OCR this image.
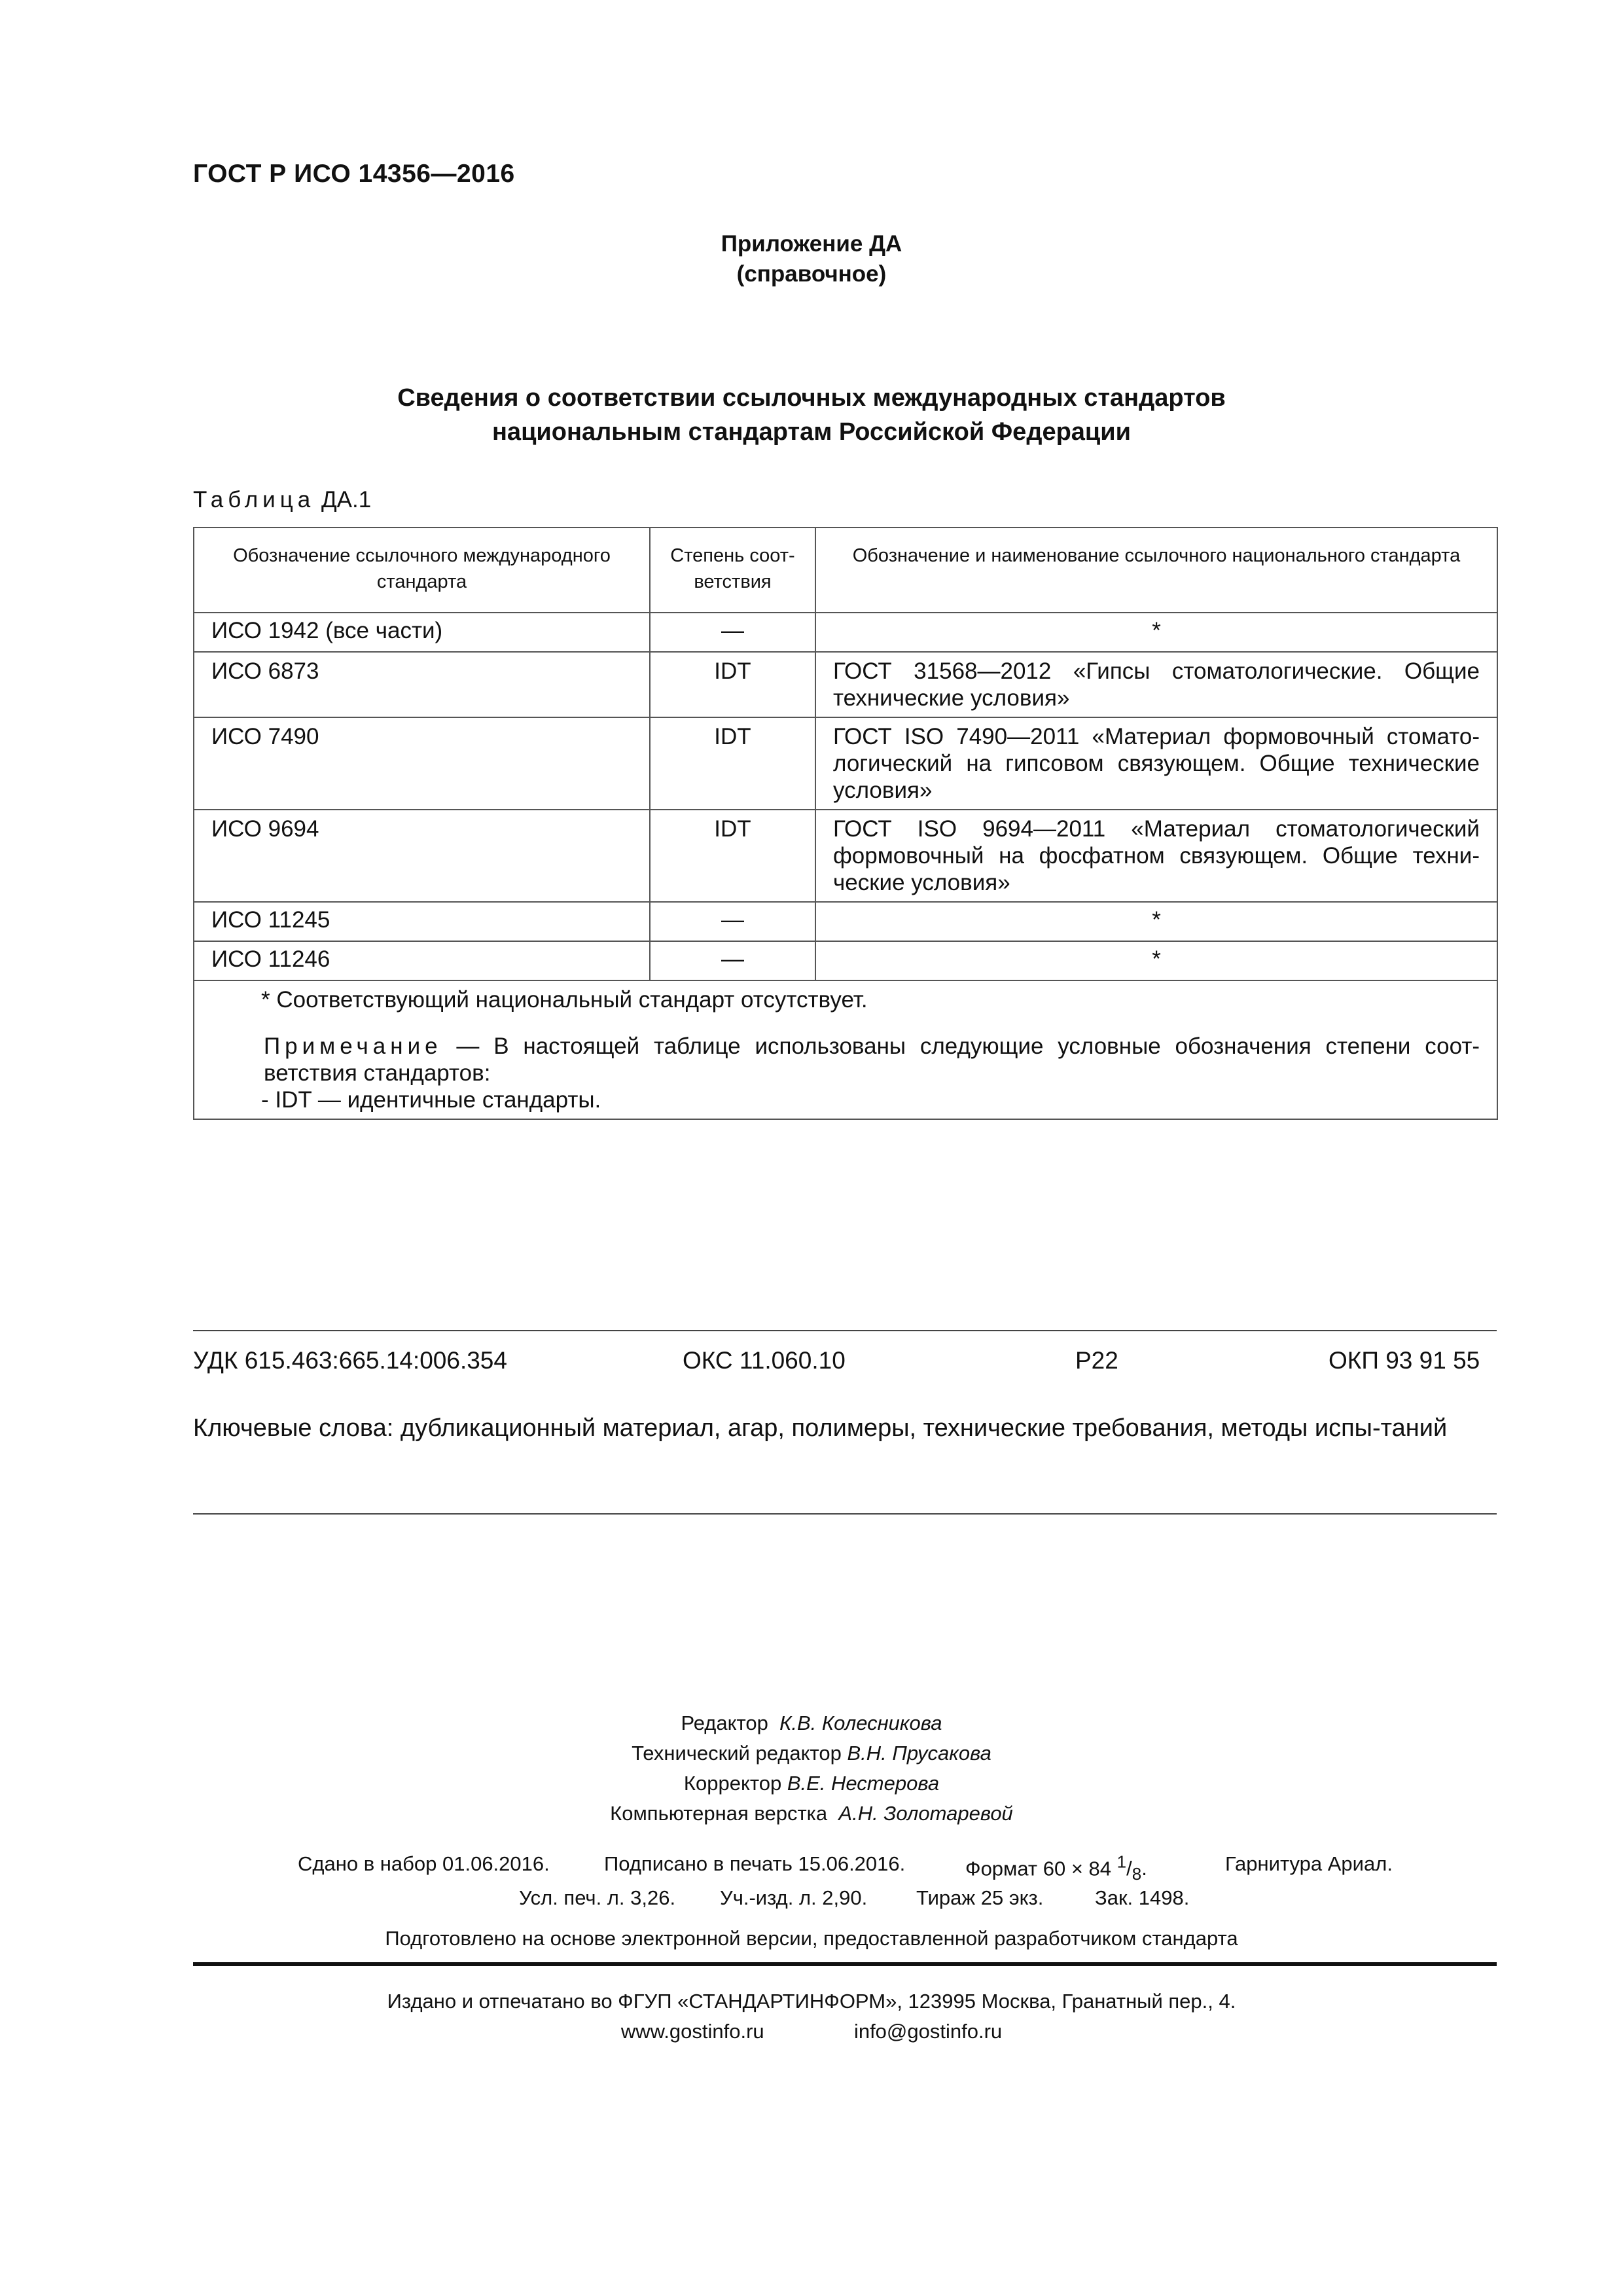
ГОСТ Р ИСО 14356—2016
Приложение ДА
(справочное)
Сведения о соответствии ссылочных международных стандартов
национальным стандартам Российской Федерации
Таблица ДА.1
Обозначение ссылочного международного стандарта	Степень соот-ветствия	Обозначение и наименование ссылочного национального стандарта
ИСО 1942 (все части)	—	*
ИСО 6873	IDT	ГОСТ 31568—2012 «Гипсы стоматологические. Общие технические условия»
ИСО 7490	IDT	ГОСТ ISO 7490—2011 «Материал формовочный стомато-логический на гипсовом связующем. Общие технические условия»
ИСО 9694	IDT	ГОСТ ISO 9694—2011 «Материал стоматологический формовочный на фосфатном связующем. Общие техни-ческие условия»
ИСО 11245	—	*
ИСО 11246	—	*

* Соответствующий национальный стандарт отсутствует.
Примечание — В настоящей таблице использованы следующие условные обозначения степени соот-ветствия стандартов:
- IDT — идентичные стандарты.		
УДК 615.463:665.14:006.354	ОКС 11.060.10	Р22	ОКП 93 91 55
Ключевые слова: дубликационный материал, агар, полимеры, технические требования, методы испы-таний
Редактор К.В. Колесникова
Технический редактор В.Н. Прусакова
Корректор В.Е. Нестерова
Компьютерная верстка А.Н. Золотаревой
Сдано в набор 01.06.2016.	Подписано в печать 15.06.2016.	Формат 60 × 84 $^1/_8$.	Гарнитура Ариал.
Усл. печ. л. 3,26. Уч.-изд. л. 2,90. Тираж 25 экз.	Зак. 1498.
Подготовлено на основе электронной версии, предоставленной разработчиком стандарта
Издано и отпечатано во ФГУП «СТАНДАРТИНФОРМ», 123995 Москва, Гранатный пер., 4.
www.gostinfo.ru	info@gostinfo.ru
